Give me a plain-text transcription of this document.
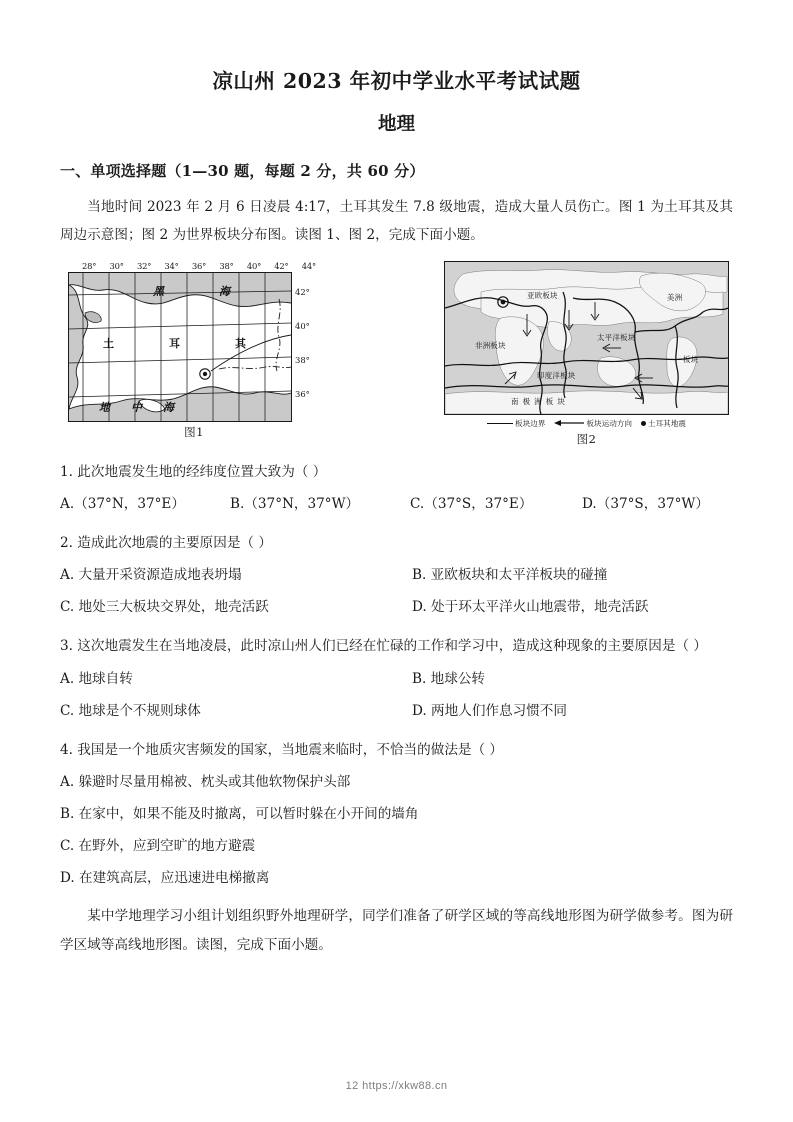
凉山州 2023 年初中学业水平考试试题
地理
一、单项选择题（1—30 题，每题 2 分，共 60 分）

当地时间 2023 年 2 月 6 日凌晨 4:17，土耳其发生 7.8 级地震，造成大量人员伤亡。图 1 为土耳其及其周边示意图；图 2 为世界板块分布图。读图 1、图 2，完成下面小题。

28° 30° 32° 34° 36° 38° 40° 42° 44°
黑	海
土	耳	其
地 中 海
42°
40°
38°
36°
图1
亚欧板块
非洲板块
太平洋板块
印度洋板块
南极洲板块
美洲
板块
板块边界	板块运动方向 土耳其地震
图2
1. 此次地震发生地的经纬度位置大致为（ ）
A.（37°N，37°E）	B.（37°N，37°W）	C.（37°S，37°E）	D.（37°S，37°W）
2. 造成此次地震的主要原因是（ ）
A. 大量开采资源造成地表坍塌	B. 亚欧板块和太平洋板块的碰撞
C. 地处三大板块交界处，地壳活跃	D. 处于环太平洋火山地震带，地壳活跃
3. 这次地震发生在当地凌晨，此时凉山州人们已经在忙碌的工作和学习中，造成这种现象的主要原因是（ ）
A. 地球自转	B. 地球公转
C. 地球是个不规则球体	D. 两地人们作息习惯不同
4. 我国是一个地质灾害频发的国家，当地震来临时，不恰当的做法是（ ）
A. 躲避时尽量用棉被、枕头或其他软物保护头部
B. 在家中，如果不能及时撤离，可以暂时躲在小开间的墙角
C. 在野外，应到空旷的地方避震
D. 在建筑高层，应迅速进电梯撤离

某中学地理学习小组计划组织野外地理研学，同学们准备了研学区域的等高线地形图为研学做参考。图为研学区域等高线地形图。读图，完成下面小题。

12 https://xkw88.cn
